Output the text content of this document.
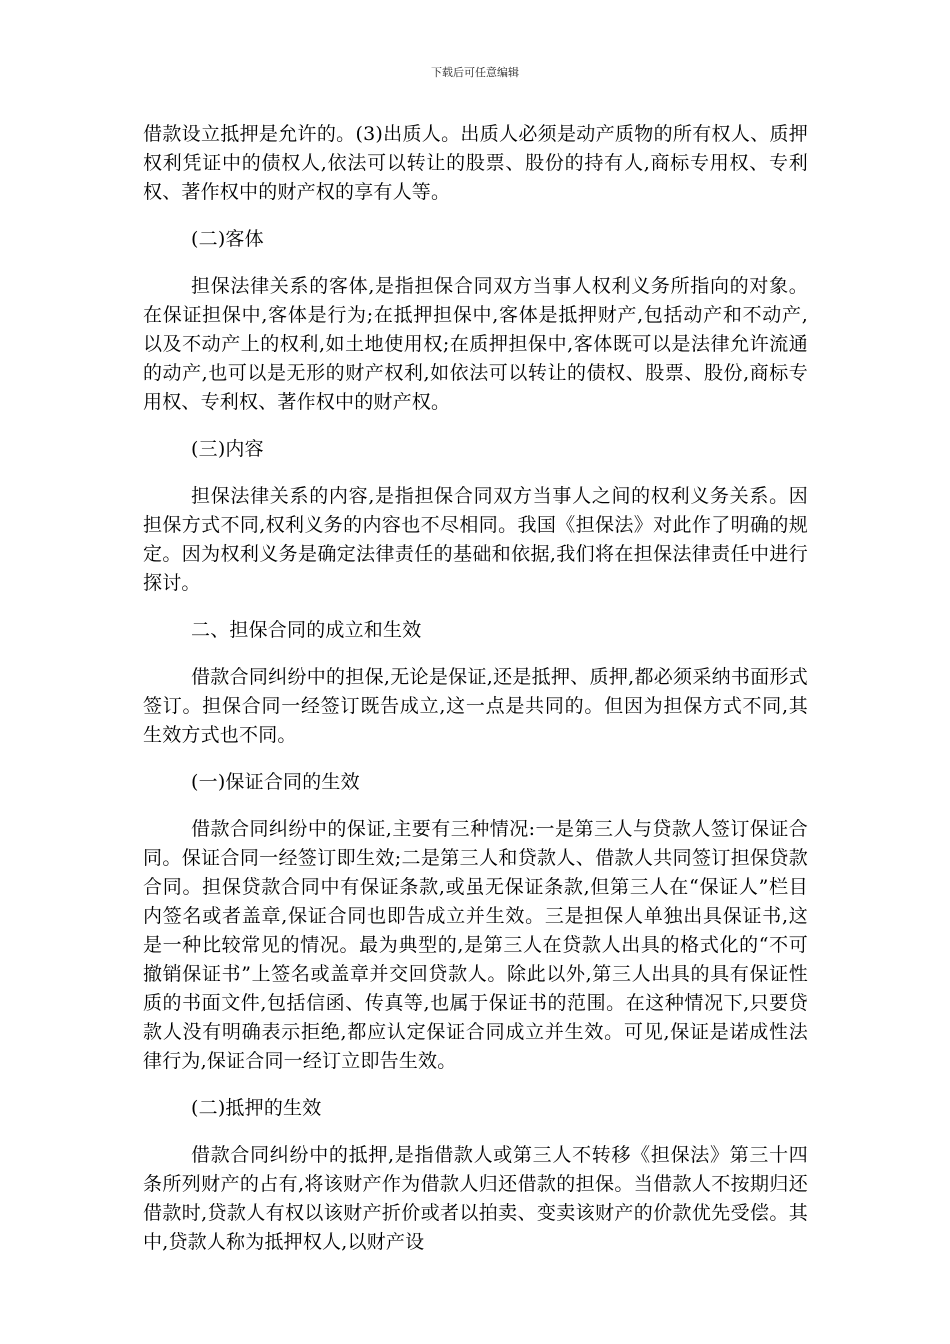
下载后可任意编辑

借款设立抵押是允许的。(3)出质人。出质人必须是动产质物的所有权人、质押权利凭证中的债权人,依法可以转让的股票、股份的持有人,商标专用权、专利权、著作权中的财产权的享有人等。

(二)客体

担保法律关系的客体,是指担保合同双方当事人权利义务所指向的对象。在保证担保中,客体是行为;在抵押担保中,客体是抵押财产,包括动产和不动产,以及不动产上的权利,如土地使用权;在质押担保中,客体既可以是法律允许流通的动产,也可以是无形的财产权利,如依法可以转让的债权、股票、股份,商标专用权、专利权、著作权中的财产权。

(三)内容

担保法律关系的内容,是指担保合同双方当事人之间的权利义务关系。因担保方式不同,权利义务的内容也不尽相同。我国《担保法》对此作了明确的规定。因为权利义务是确定法律责任的基础和依据,我们将在担保法律责任中进行探讨。

二、担保合同的成立和生效

借款合同纠纷中的担保,无论是保证,还是抵押、质押,都必须采纳书面形式签订。担保合同一经签订既告成立,这一点是共同的。但因为担保方式不同,其生效方式也不同。

(一)保证合同的生效

借款合同纠纷中的保证,主要有三种情况:一是第三人与贷款人签订保证合同。保证合同一经签订即生效;二是第三人和贷款人、借款人共同签订担保贷款合同。担保贷款合同中有保证条款,或虽无保证条款,但第三人在“保证人”栏目内签名或者盖章,保证合同也即告成立并生效。三是担保人单独出具保证书,这是一种比较常见的情况。最为典型的,是第三人在贷款人出具的格式化的“不可撤销保证书”上签名或盖章并交回贷款人。除此以外,第三人出具的具有保证性质的书面文件,包括信函、传真等,也属于保证书的范围。在这种情况下,只要贷款人没有明确表示拒绝,都应认定保证合同成立并生效。可见,保证是诺成性法律行为,保证合同一经订立即告生效。

(二)抵押的生效

借款合同纠纷中的抵押,是指借款人或第三人不转移《担保法》第三十四条所列财产的占有,将该财产作为借款人归还借款的担保。当借款人不按期归还借款时,贷款人有权以该财产折价或者以拍卖、变卖该财产的价款优先受偿。其中,贷款人称为抵押权人,以财产设
